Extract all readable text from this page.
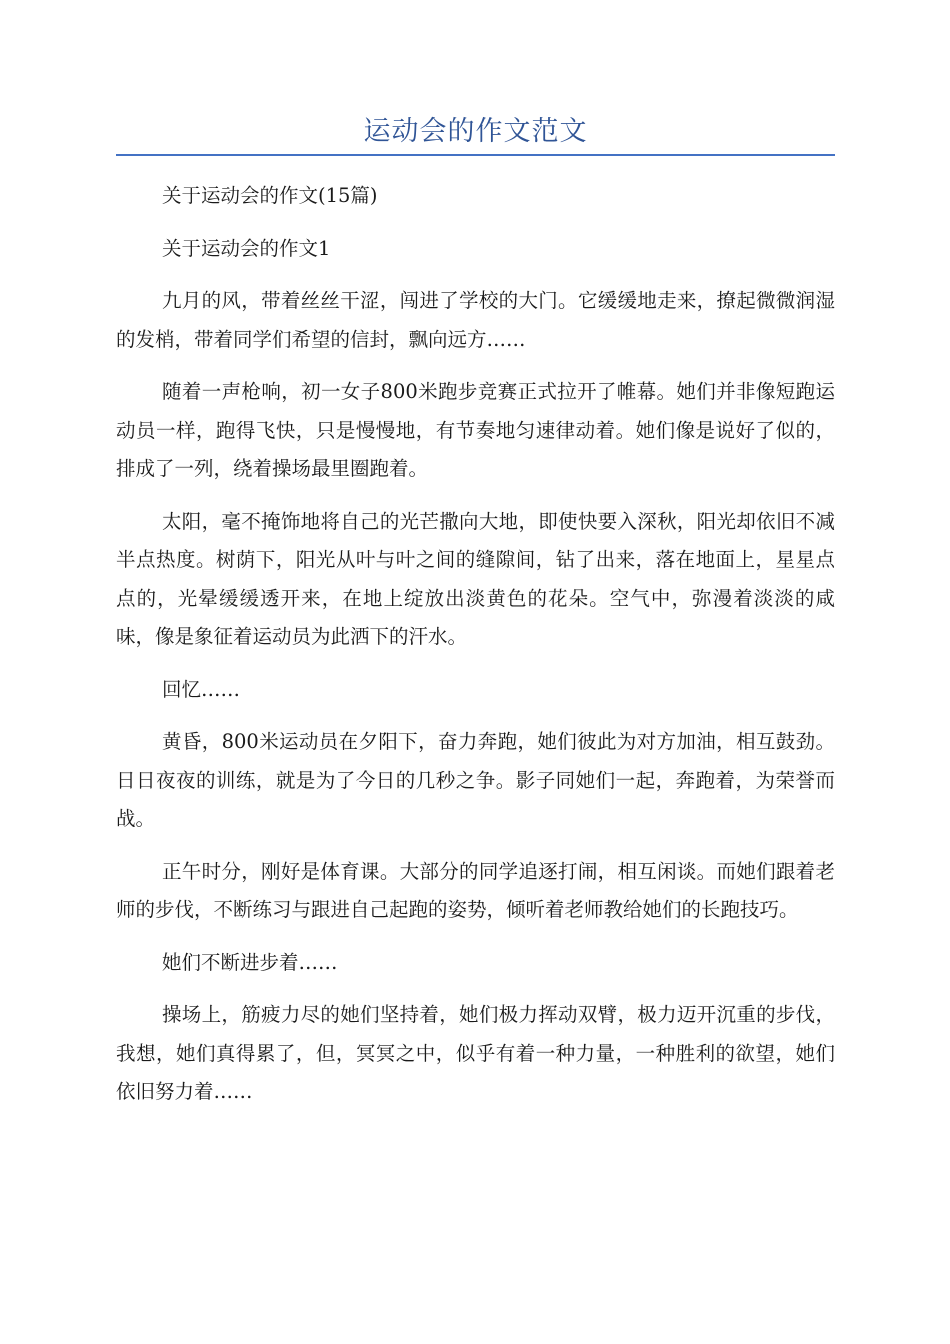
运动会的作文范文

关于运动会的作文(15篇)

关于运动会的作文1

九月的风，带着丝丝干涩，闯进了学校的大门。它缓缓地走来，撩起微微润湿的发梢，带着同学们希望的信封，飘向远方……

随着一声枪响，初一女子800米跑步竞赛正式拉开了帷幕。她们并非像短跑运动员一样，跑得飞快，只是慢慢地，有节奏地匀速律动着。她们像是说好了似的，排成了一列，绕着操场最里圈跑着。

太阳，毫不掩饰地将自己的光芒撒向大地，即使快要入深秋，阳光却依旧不减半点热度。树荫下，阳光从叶与叶之间的缝隙间，钻了出来，落在地面上，星星点点的，光晕缓缓透开来，在地上绽放出淡黄色的花朵。空气中，弥漫着淡淡的咸味，像是象征着运动员为此洒下的汗水。

回忆……

黄昏，800米运动员在夕阳下，奋力奔跑，她们彼此为对方加油，相互鼓劲。日日夜夜的训练，就是为了今日的几秒之争。影子同她们一起，奔跑着，为荣誉而战。

正午时分，刚好是体育课。大部分的同学追逐打闹，相互闲谈。而她们跟着老师的步伐，不断练习与跟进自己起跑的姿势，倾听着老师教给她们的长跑技巧。

她们不断进步着……

操场上，筋疲力尽的她们坚持着，她们极力挥动双臂，极力迈开沉重的步伐，我想，她们真得累了，但，冥冥之中，似乎有着一种力量，一种胜利的欲望，她们依旧努力着……
